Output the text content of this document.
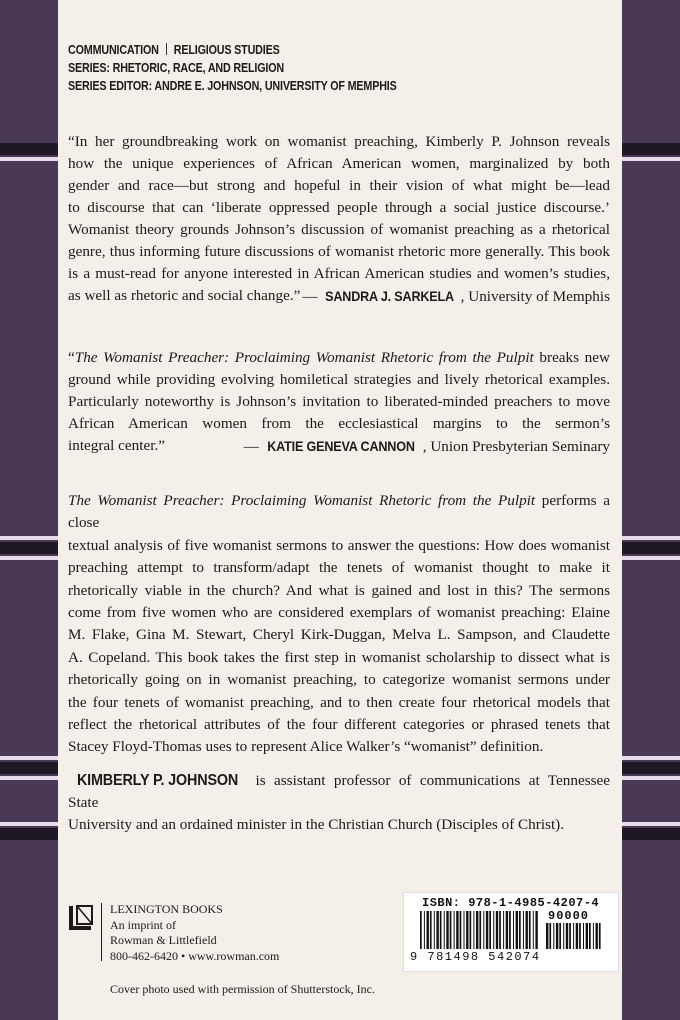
COMMUNICATION RELIGIOUS STUDIES
SERIES: RHETORIC, RACE, AND RELIGION
SERIES EDITOR: ANDRE E. JOHNSON, UNIVERSITY OF MEMPHIS
“In her groundbreaking work on womanist preaching, Kimberly P. Johnson reveals
how the unique experiences of African American women, marginalized by both
gender and race—but strong and hopeful in their vision of what might be—lead
to discourse that can ‘liberate oppressed people through a social justice discourse.’
Womanist theory grounds Johnson’s discussion of womanist preaching as a rhetorical
genre, thus informing future discussions of womanist rhetoric more generally. This book
is a must-read for anyone interested in African American studies and women’s studies,
as well as rhetoric and social change.” — SANDRA J. SARKELA , University of Memphis
“The Womanist Preacher: Proclaiming Womanist Rhetoric from the Pulpit breaks new
ground while providing evolving homiletical strategies and lively rhetorical examples.
Particularly noteworthy is Johnson’s invitation to liberated-minded preachers to move
African American women from the ecclesiastical margins to the sermon’s
integral center.”	— KATIE GENEVA CANNON , Union Presbyterian Seminary
The Womanist Preacher: Proclaiming Womanist Rhetoric from the Pulpit performs a close
textual analysis of five womanist sermons to answer the questions: How does womanist
preaching attempt to transform/adapt the tenets of womanist thought to make it
rhetorically viable in the church? And what is gained and lost in this? The sermons
come from five women who are considered exemplars of womanist preaching: Elaine
M. Flake, Gina M. Stewart, Cheryl Kirk-Duggan, Melva L. Sampson, and Claudette
A. Copeland. This book takes the first step in womanist scholarship to dissect what is
rhetorically going on in womanist preaching, to categorize womanist sermons under
the four tenets of womanist preaching, and to then create four rhetorical models that
reflect the rhetorical attributes of the four different categories or phrased tenets that
Stacey Floyd-Thomas uses to represent Alice Walker’s “womanist” definition.
KIMBERLY P. JOHNSON is assistant professor of communications at Tennessee State
University and an ordained minister in the Christian Church (Disciples of Christ).
LEXINGTON BOOKS
An imprint of
Rowman & Littlefield
800-462-6420 • www.rowman.com
ISBN: 978-1-4985-4207-4
90000
9 781498 542074
Cover photo used with permission of Shutterstock, Inc.
